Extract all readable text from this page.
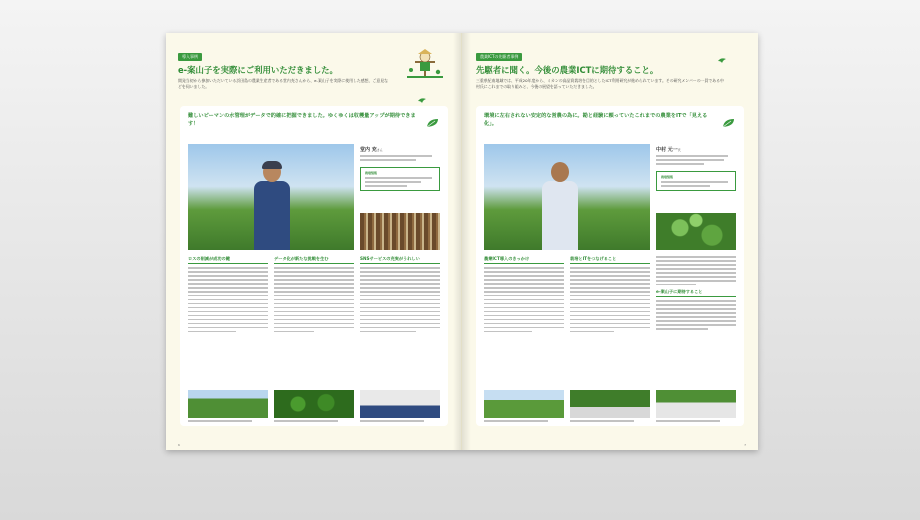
導入事例
e-案山子を実際にご利用いただきました。
開発当初から参加いただいている浜田島の農業生産者である堂内充さんから、e-案山子を実際に使用した感想、ご意見などを伺いました。
難しいピーマンの水管理がデータで的確に把握できました。ゆくゆくは収穫量アップが期待できます！
堂内 充さん
栽培情報
ロスの削減が成功の鍵	データ化が新たな挑戦を生む	SNSサービスの充実がうれしい
6
農業ICTの先駆者事例
先駆者に聞く。今後の農業ICTに期待すること。
三重県紀南地域では、平成20年度から、ミカンの高品質栽培を目的としたICT利用研究が進められています。その研究メンバーの一員である中村氏にこれまでの取り組みと、今後の展望を語っていただきました。
環境に左右されない安定的な営農の為に。勘と経験に頼っていたこれまでの農業をITで「見える化」。
中村 元一氏
栽培情報
農業ICT導入のきっかけ	栽培とITをつなげること
e-案山子に期待すること
7
